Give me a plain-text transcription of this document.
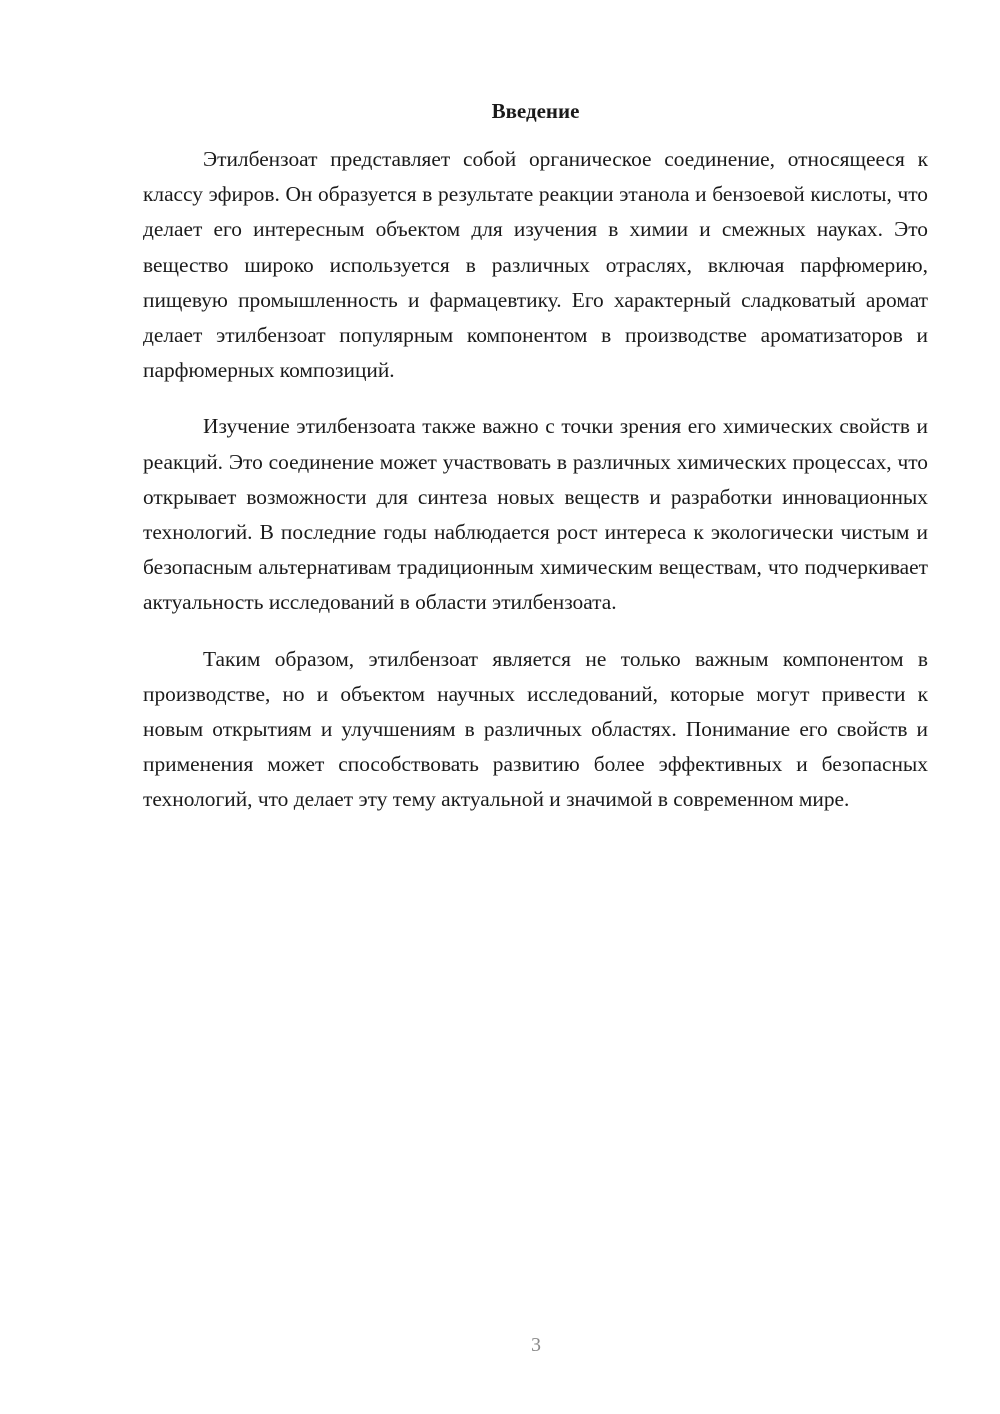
Введение

Этилбензоат представляет собой органическое соединение, относящееся к классу эфиров. Он образуется в результате реакции этанола и бензоевой кислоты, что делает его интересным объектом для изучения в химии и смежных науках. Это вещество широко используется в различных отраслях, включая парфюмерию, пищевую промышленность и фармацевтику. Его характерный сладковатый аромат делает этилбензоат популярным компонентом в производстве ароматизаторов и парфюмерных композиций.

Изучение этилбензоата также важно с точки зрения его химических свойств и реакций. Это соединение может участвовать в различных химических процессах, что открывает возможности для синтеза новых веществ и разработки инновационных технологий. В последние годы наблюдается рост интереса к экологически чистым и безопасным альтернативам традиционным химическим веществам, что подчеркивает актуальность исследований в области этилбензоата.

Таким образом, этилбензоат является не только важным компонентом в производстве, но и объектом научных исследований, которые могут привести к новым открытиям и улучшениям в различных областях. Понимание его свойств и применения может способствовать развитию более эффективных и безопасных технологий, что делает эту тему актуальной и значимой в современном мире.

3
